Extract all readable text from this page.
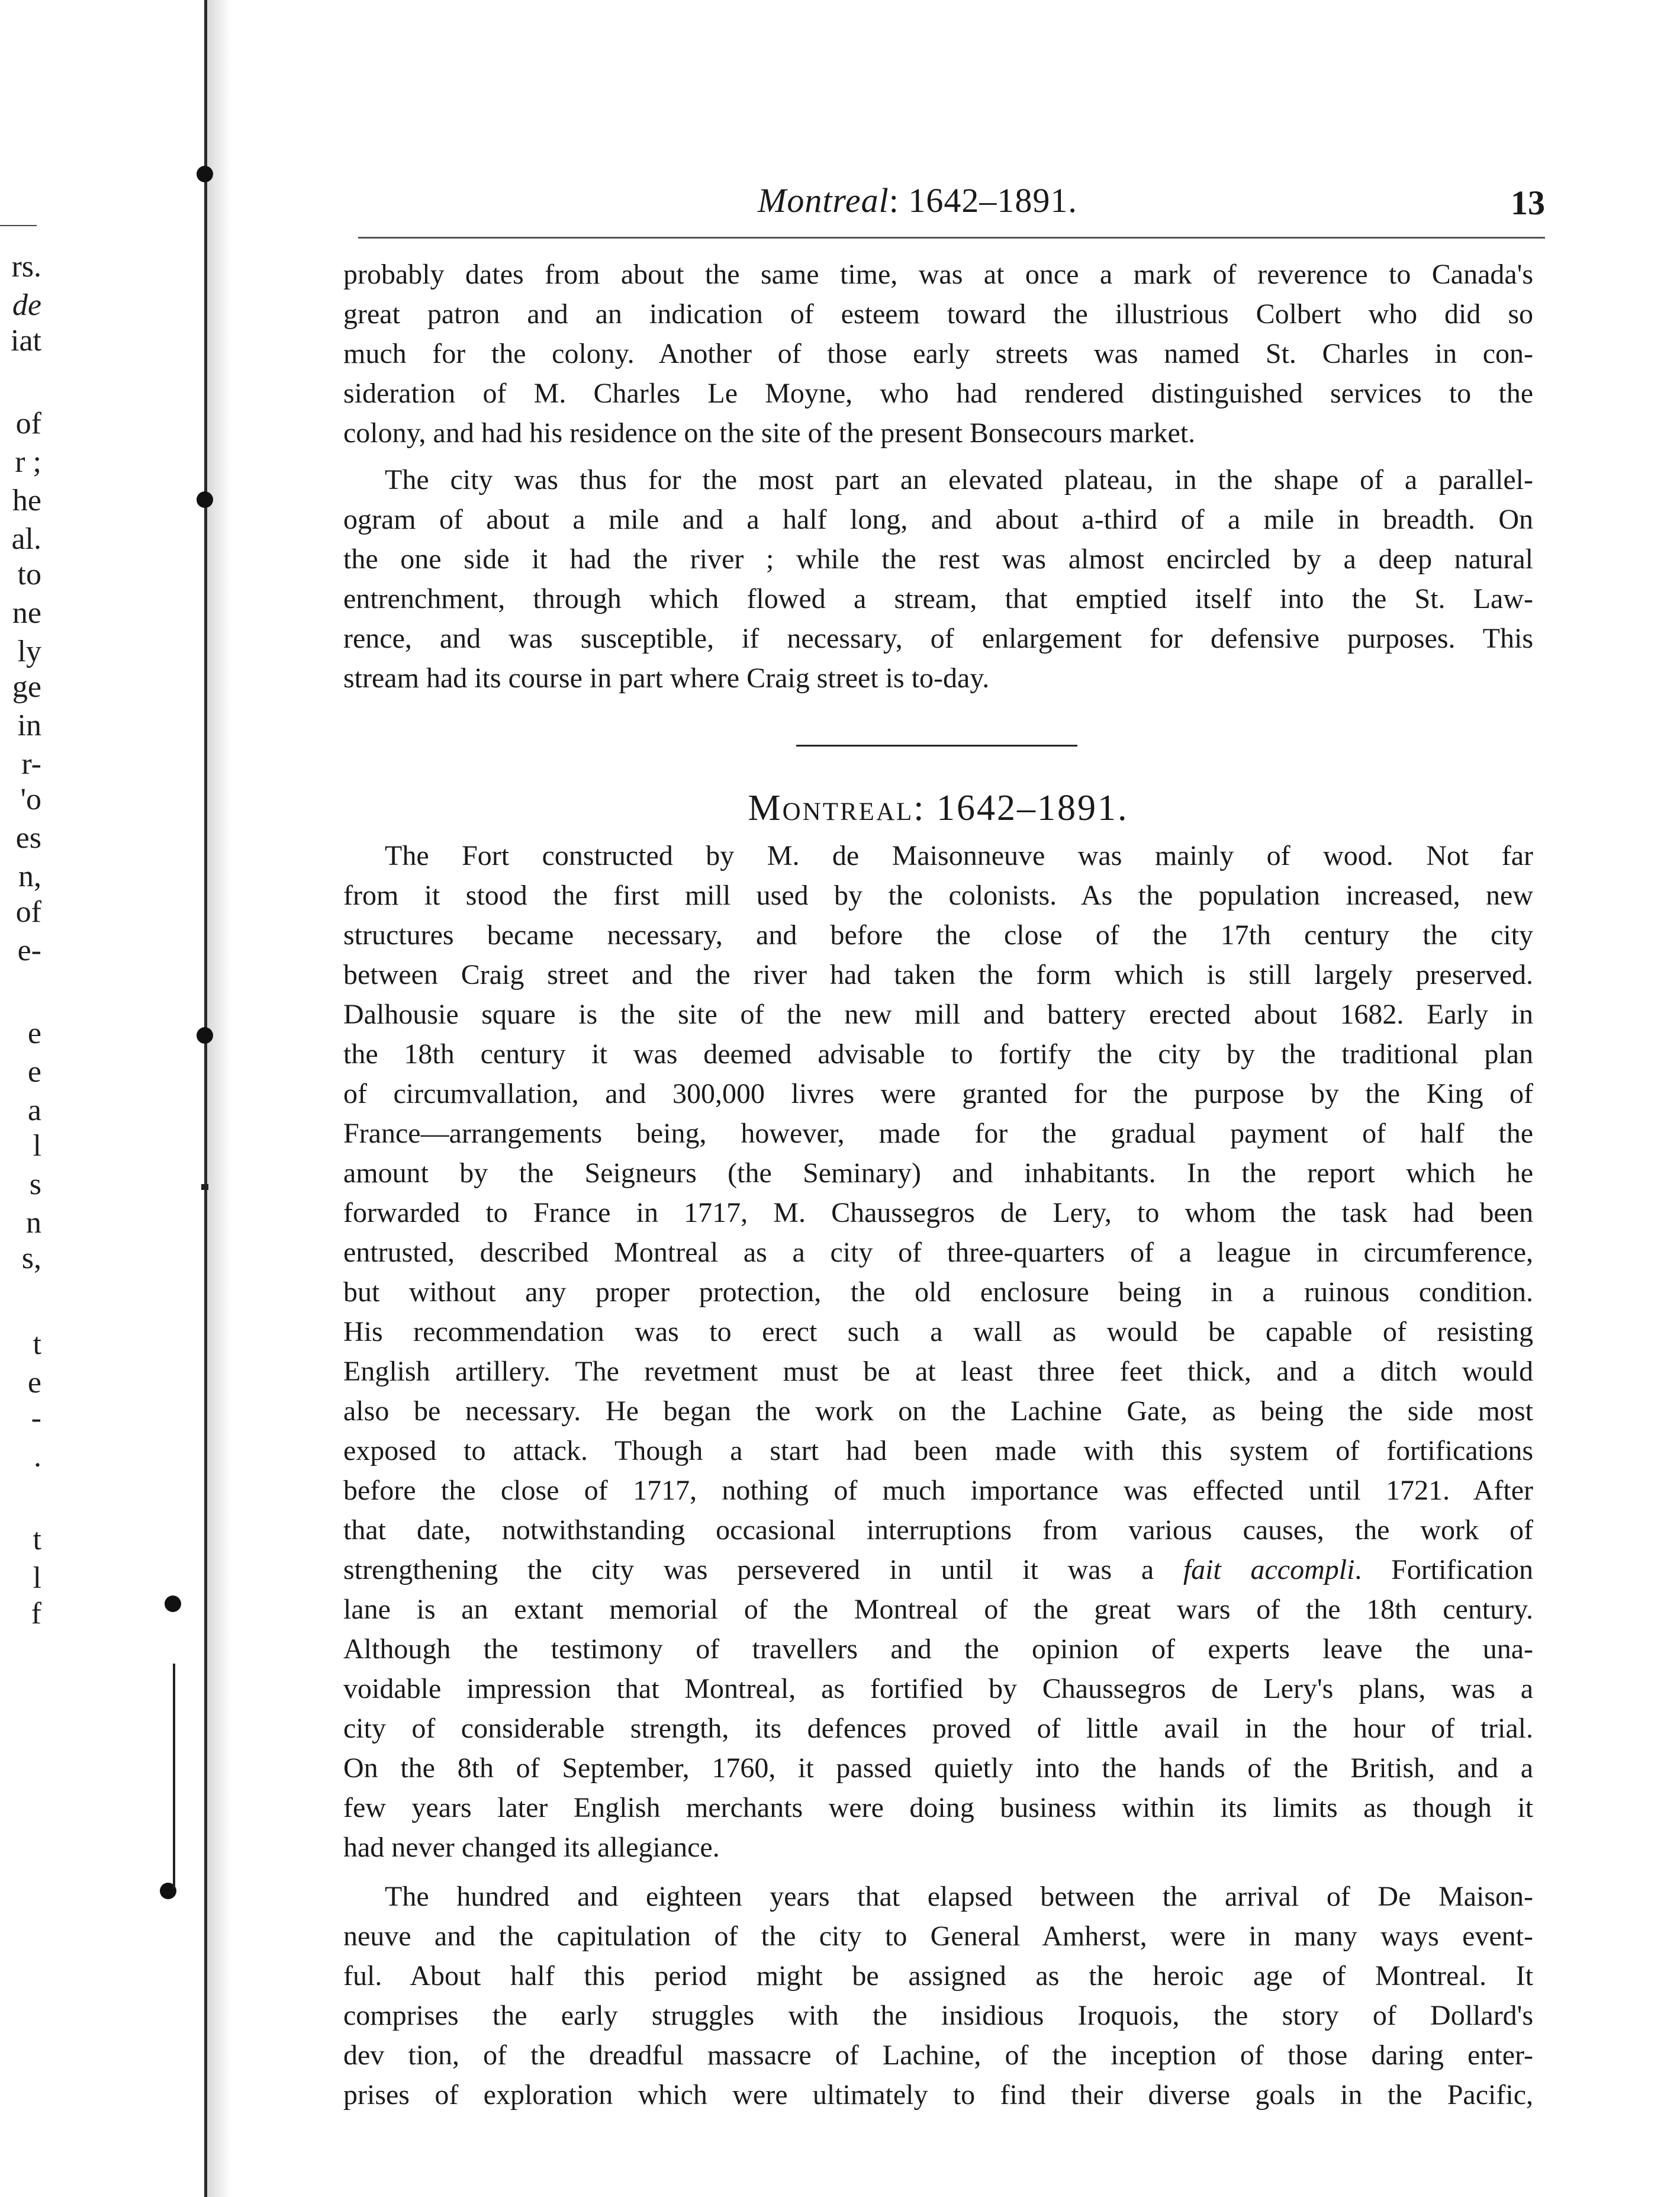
rs.
de
iat
of
r ;
he
al.
to
ne
ly
ge
in
r-
'o
es
n,
of
e-
e
e
a
l
s
n
s,
t
e
-
.
t
l
f
Montreal: 1642–1891.	13
probably dates from about the same time, was at once a mark of reverence to Canada's
great patron and an indication of esteem toward the illustrious Colbert who did so
much for the colony. Another of those early streets was named St. Charles in con-
sideration of M. Charles Le Moyne, who had rendered distinguished services to the
colony, and had his residence on the site of the present Bonsecours market.
The city was thus for the most part an elevated plateau, in the shape of a parallel-
ogram of about a mile and a half long, and about a-third of a mile in breadth. On
the one side it had the river ; while the rest was almost encircled by a deep natural
entrenchment, through which flowed a stream, that emptied itself into the St. Law-
rence, and was susceptible, if necessary, of enlargement for defensive purposes. This
stream had its course in part where Craig street is to-day.
Montreal: 1642–1891.
The Fort constructed by M. de Maisonneuve was mainly of wood. Not far
from it stood the first mill used by the colonists. As the population increased, new
structures became necessary, and before the close of the 17th century the city
between Craig street and the river had taken the form which is still largely preserved.
Dalhousie square is the site of the new mill and battery erected about 1682. Early in
the 18th century it was deemed advisable to fortify the city by the traditional plan
of circumvallation, and 300,000 livres were granted for the purpose by the King of
France—arrangements being, however, made for the gradual payment of half the
amount by the Seigneurs (the Seminary) and inhabitants. In the report which he
forwarded to France in 1717, M. Chaussegros de Lery, to whom the task had been
entrusted, described Montreal as a city of three-quarters of a league in circumference,
but without any proper protection, the old enclosure being in a ruinous condition.
His recommendation was to erect such a wall as would be capable of resisting
English artillery. The revetment must be at least three feet thick, and a ditch would
also be necessary. He began the work on the Lachine Gate, as being the side most
exposed to attack. Though a start had been made with this system of fortifications
before the close of 1717, nothing of much importance was effected until 1721. After
that date, notwithstanding occasional interruptions from various causes, the work of
strengthening the city was persevered in until it was a fait accompli. Fortification
lane is an extant memorial of the Montreal of the great wars of the 18th century.
Although the testimony of travellers and the opinion of experts leave the una-
voidable impression that Montreal, as fortified by Chaussegros de Lery's plans, was a
city of considerable strength, its defences proved of little avail in the hour of trial.
On the 8th of September, 1760, it passed quietly into the hands of the British, and a
few years later English merchants were doing business within its limits as though it
had never changed its allegiance.
The hundred and eighteen years that elapsed between the arrival of De Maison-
neuve and the capitulation of the city to General Amherst, were in many ways event-
ful. About half this period might be assigned as the heroic age of Montreal. It
comprises the early struggles with the insidious Iroquois, the story of Dollard's
dev tion, of the dreadful massacre of Lachine, of the inception of those daring enter-
prises of exploration which were ultimately to find their diverse goals in the Pacific,
